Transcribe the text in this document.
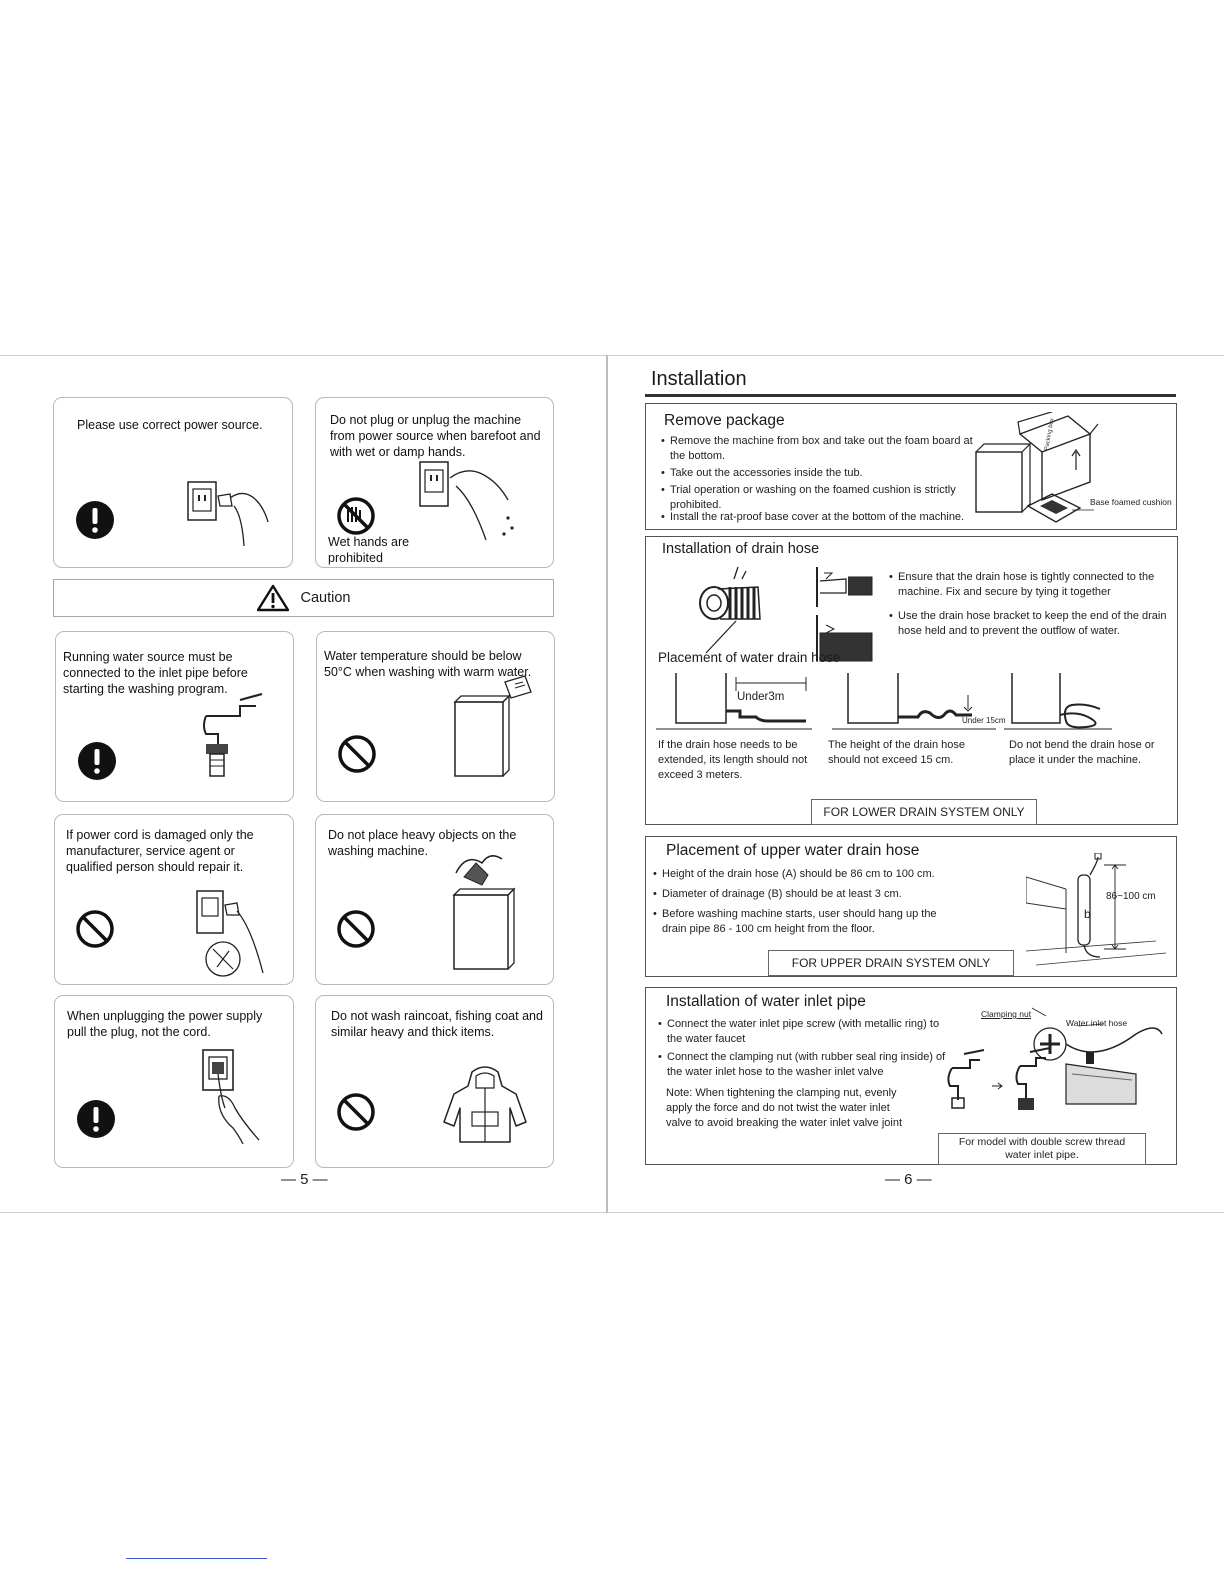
Please use correct power source.	Do not plug or unplug the machine from power source when barefoot and with wet or damp hands.
Wet hands are prohibited
Caution
Running water source must be connected to the inlet pipe before starting the washing program.
Water temperature should be below 50°C when washing with warm water.
If power cord is damaged only the manufacturer, service agent or qualified person should repair it.
Do not place heavy objects on the washing machine.
When unplugging the power supply pull the plug, not the cord.
Do not wash raincoat, fishing coat and similar heavy and thick items.
— 5 —
Installation
Remove package
• Remove the machine from box and take out the foam board at the bottom.
• Take out the accessories inside the tub.
• Trial operation or washing on the foamed cushion is strictly prohibited.
• Install the rat-proof base cover at the bottom of the machine.
Packing box
Base foamed cushion
Installation of drain hose
• Ensure that the drain hose is tightly connected to the machine. Fix and secure by tying it together
• Use the drain hose bracket to keep the end of the drain hose held and to prevent the outflow of water.
Placement of water drain hose
Under3m
Under 15cm
If the drain hose needs to be extended, its length should not exceed 3 meters.
The height of the drain hose should not exceed 15 cm.
Do not bend the drain hose or place it under the machine.
FOR LOWER DRAIN SYSTEM ONLY
Placement of upper water drain hose
• Height of the drain hose (A) should be 86 cm to 100 cm.
• Diameter of drainage (B) should be at least 3 cm.
• Before washing machine starts, user should hang up the drain pipe 86 - 100 cm height from the floor.
86~100 cm
b
FOR UPPER DRAIN SYSTEM ONLY
Installation of water inlet pipe
• Connect the water inlet pipe screw (with metallic ring) to the water faucet
• Connect the clamping nut (with rubber seal ring inside) of the water inlet hose to the washer inlet valve
Note: When tightening the clamping nut, evenly apply the force and do not twist the water inlet valve to avoid breaking the water inlet valve joint
Clamping nut
Water inlet hose
For model with double screw thread water inlet pipe.
— 6 —
